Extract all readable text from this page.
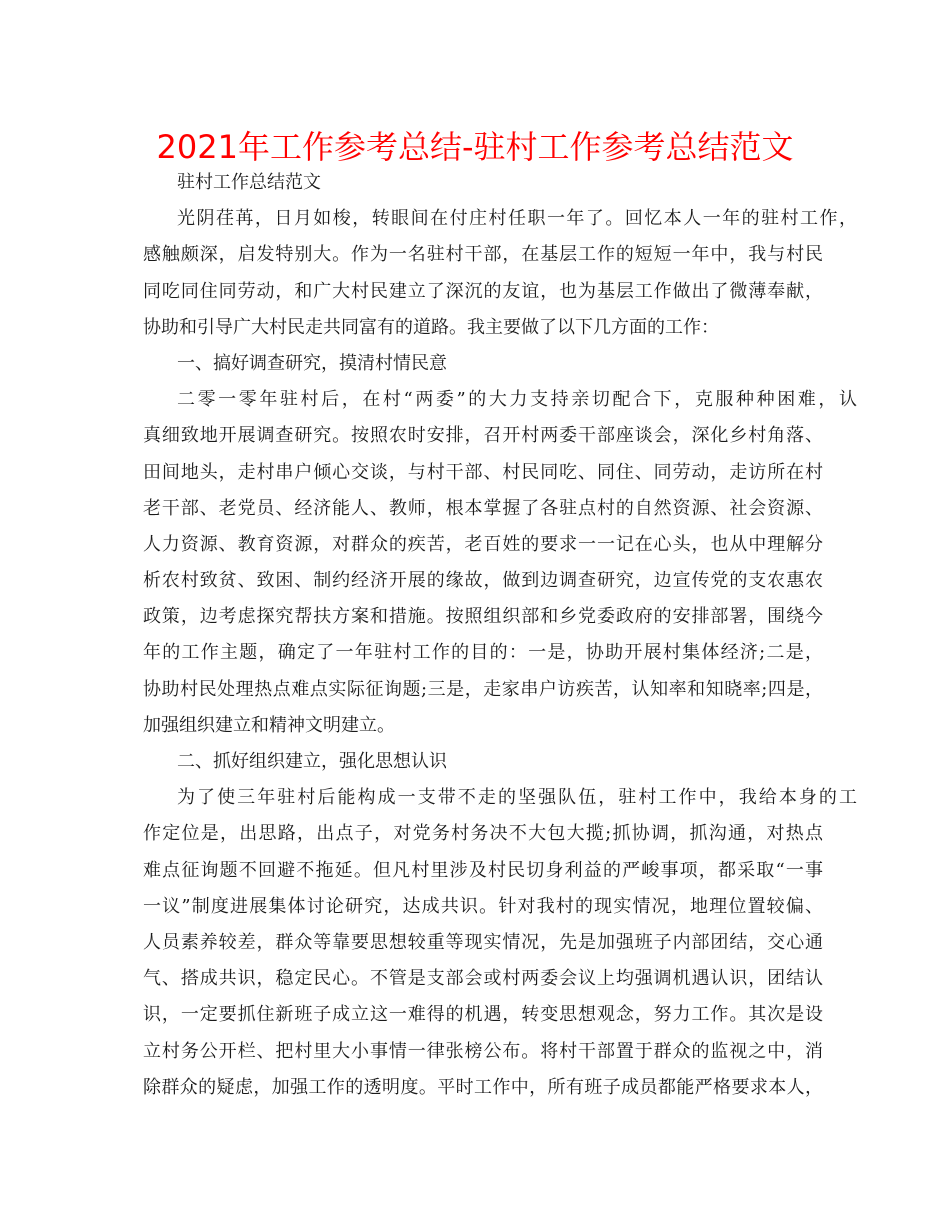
2021年工作参考总结-驻村工作参考总结范文
驻村工作总结范文
光阴荏苒，日月如梭，转眼间在付庄村任职一年了。回忆本人一年的驻村工作，
感触颇深，启发特别大。作为一名驻村干部，在基层工作的短短一年中，我与村民
同吃同住同劳动，和广大村民建立了深沉的友谊，也为基层工作做出了微薄奉献，
协助和引导广大村民走共同富有的道路。我主要做了以下几方面的工作：
一、搞好调查研究，摸清村情民意
二零一零年驻村后，在村“两委”的大力支持亲切配合下，克服种种困难，认
真细致地开展调查研究。按照农时安排，召开村两委干部座谈会，深化乡村角落、
田间地头，走村串户倾心交谈，与村干部、村民同吃、同住、同劳动，走访所在村
老干部、老党员、经济能人、教师，根本掌握了各驻点村的自然资源、社会资源、
人力资源、教育资源，对群众的疾苦，老百姓的要求一一记在心头，也从中理解分
析农村致贫、致困、制约经济开展的缘故，做到边调查研究，边宣传党的支农惠农
政策，边考虑探究帮扶方案和措施。按照组织部和乡党委政府的安排部署，围绕今
年的工作主题，确定了一年驻村工作的目的：一是，协助开展村集体经济;二是，
协助村民处理热点难点实际征询题;三是，走家串户访疾苦，认知率和知晓率;四是，
加强组织建立和精神文明建立。
二、抓好组织建立，强化思想认识
为了使三年驻村后能构成一支带不走的坚强队伍，驻村工作中，我给本身的工
作定位是，出思路，出点子，对党务村务决不大包大揽;抓协调，抓沟通，对热点
难点征询题不回避不拖延。但凡村里涉及村民切身利益的严峻事项，都采取“一事
一议”制度进展集体讨论研究，达成共识。针对我村的现实情况，地理位置较偏、
人员素养较差，群众等靠要思想较重等现实情况，先是加强班子内部团结，交心通
气、搭成共识，稳定民心。不管是支部会或村两委会议上均强调机遇认识，团结认
识，一定要抓住新班子成立这一难得的机遇，转变思想观念，努力工作。其次是设
立村务公开栏、把村里大小事情一律张榜公布。将村干部置于群众的监视之中，消
除群众的疑虑，加强工作的透明度。平时工作中，所有班子成员都能严格要求本人，
